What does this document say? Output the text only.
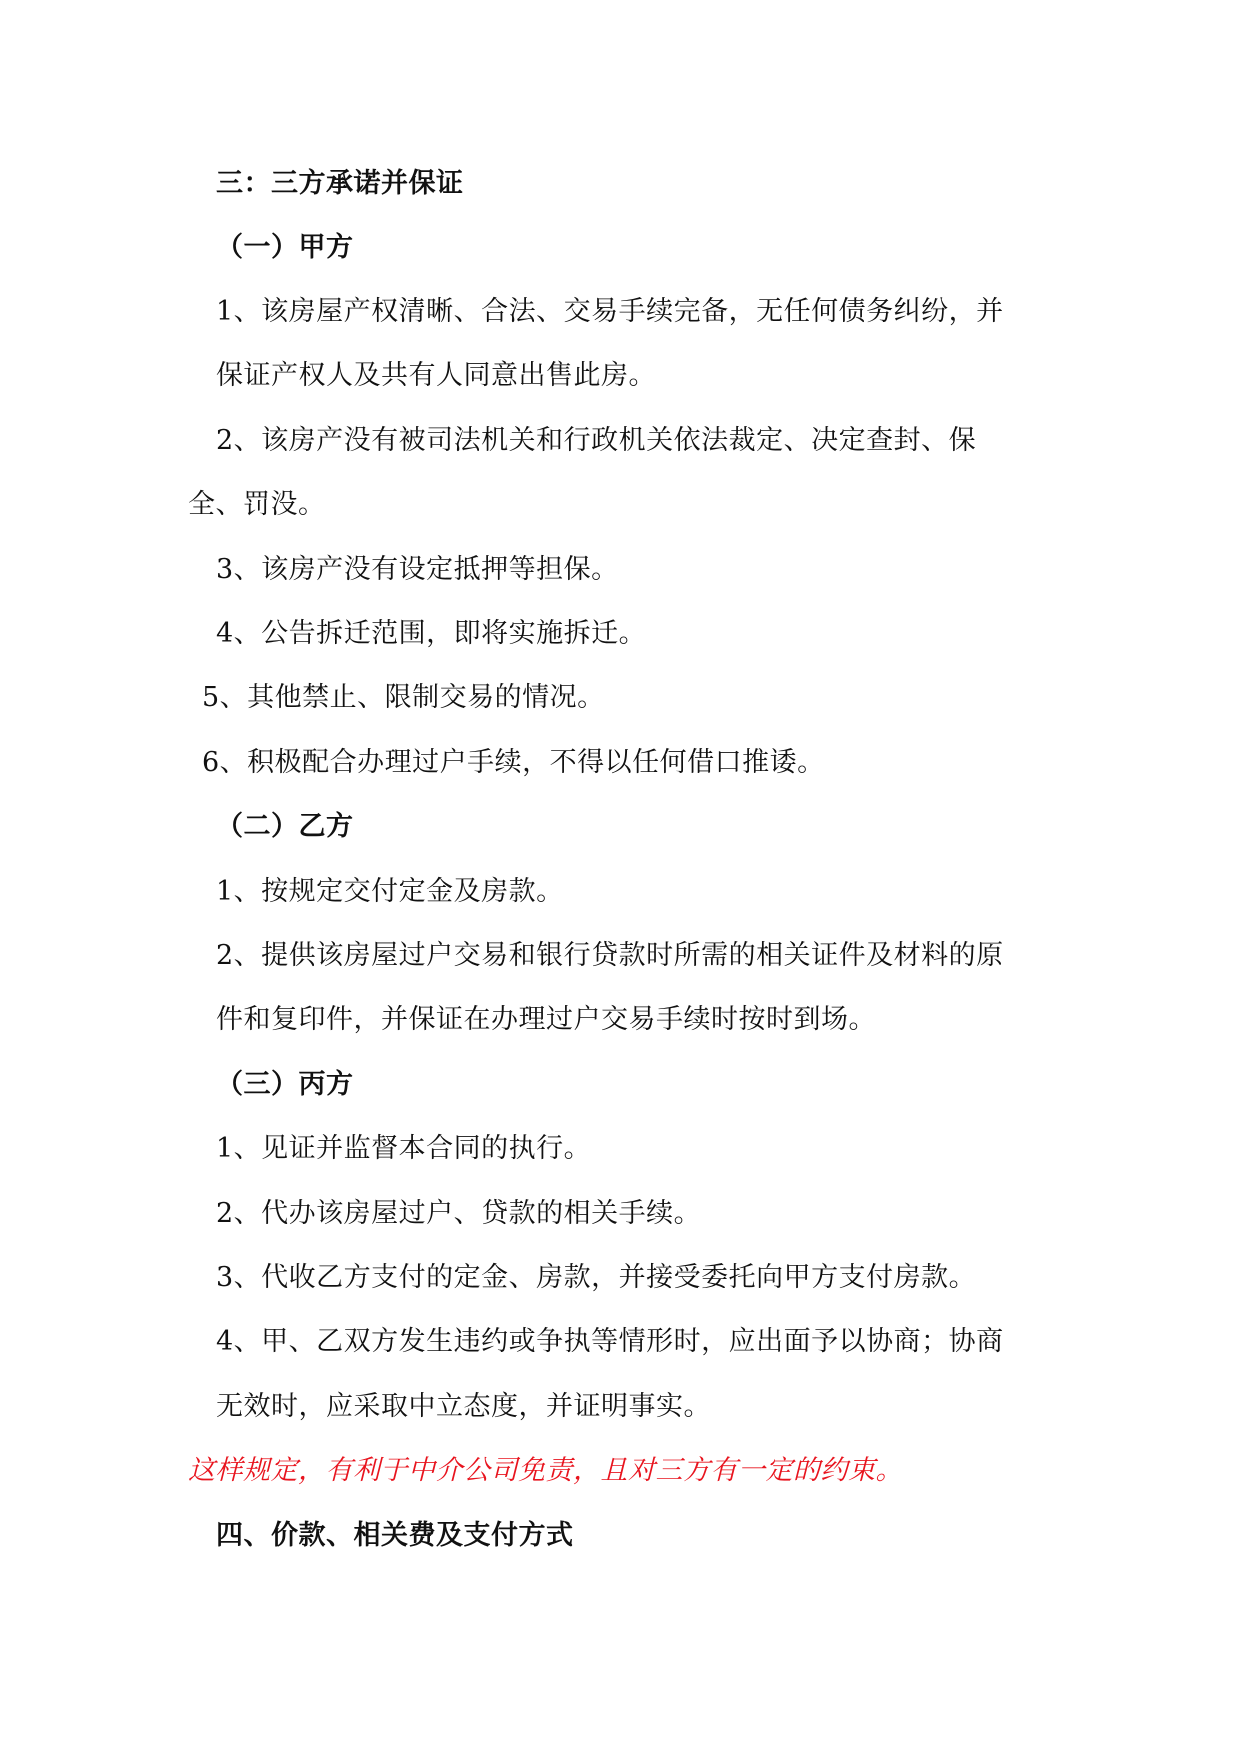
三：三方承诺并保证
（一）甲方
1、该房屋产权清晰、合法、交易手续完备，无任何债务纠纷，并
保证产权人及共有人同意出售此房。
2、该房产没有被司法机关和行政机关依法裁定、决定查封、保
全、罚没。
3、该房产没有设定抵押等担保。
4、公告拆迁范围，即将实施拆迁。
5、其他禁止、限制交易的情况。
6、积极配合办理过户手续，不得以任何借口推诿。
（二）乙方
1、按规定交付定金及房款。
2、提供该房屋过户交易和银行贷款时所需的相关证件及材料的原
件和复印件，并保证在办理过户交易手续时按时到场。
（三）丙方
1、见证并监督本合同的执行。
2、代办该房屋过户、贷款的相关手续。
3、代收乙方支付的定金、房款，并接受委托向甲方支付房款。
4、甲、乙双方发生违约或争执等情形时，应出面予以协商；协商
无效时，应采取中立态度，并证明事实。
这样规定，有利于中介公司免责，且对三方有一定的约束。
四、价款、相关费及支付方式
